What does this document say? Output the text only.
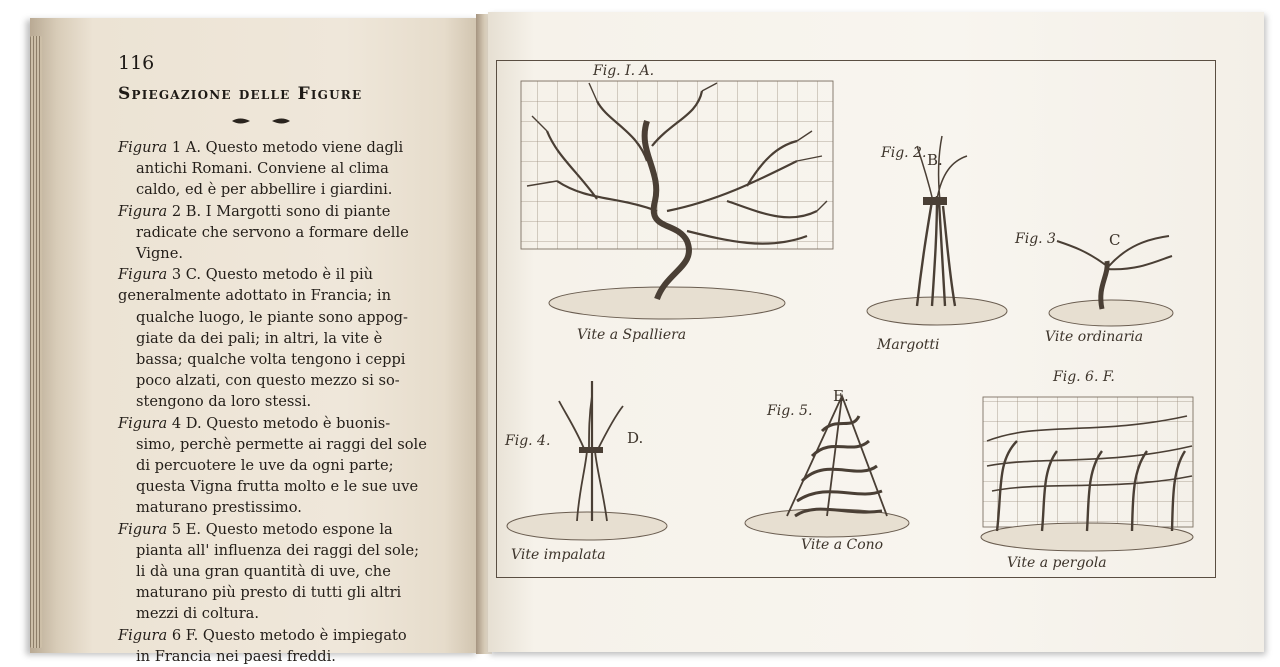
116
Spiegazione delle Figure

Figura 1 A. Questo metodo viene dagli
antichi Romani. Conviene al clima
caldo, ed è per abbellire i giardini.

Figura 2 B. I Margotti sono di piante
radicate che servono a formare delle
Vigne.

Figura 3 C. Questo metodo è il più
generalmente adottato in Francia; in
qualche luogo, le piante sono appog-
giate da dei pali; in altri, la vite è
bassa; qualche volta tengono i ceppi
poco alzati, con questo mezzo si so-
stengono da loro stessi.

Figura 4 D. Questo metodo è buonis-
simo, perchè permette ai raggi del sole
di percuotere le uve da ogni parte;
questa Vigna frutta molto e le sue uve
maturano prestissimo.

Figura 5 E. Questo metodo espone la
pianta all' influenza dei raggi del sole;
li dà una gran quantità di uve, che
maturano più presto di tutti gli altri
mezzi di coltura.

Figura 6 F. Questo metodo è impiegato
in Francia nei paesi freddi.

Fig. I. A.
Vite a Spalliera
Fig. 2. B.
Margotti
Fig. 3	C
Vite ordinaria
Fig. 4.	D.
Vite impalata
Fig. 5.
E.
Vite a Cono
Fig. 6. F.
Vite a pergola
